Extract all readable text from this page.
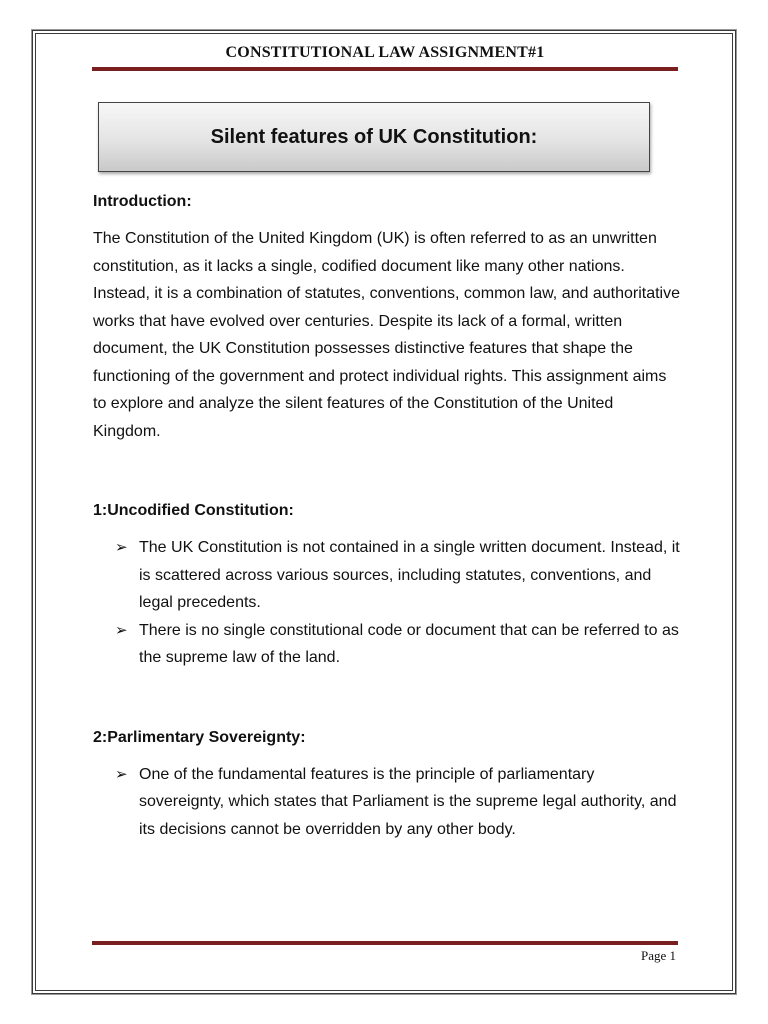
CONSTITUTIONAL LAW ASSIGNMENT#1
Silent features of UK Constitution:

Introduction:

The Constitution of the United Kingdom (UK) is often referred to as an unwritten constitution, as it lacks a single, codified document like many other nations. Instead, it is a combination of statutes, conventions, common law, and authoritative works that have evolved over centuries. Despite its lack of a formal, written document, the UK Constitution possesses distinctive features that shape the functioning of the government and protect individual rights. This assignment aims to explore and analyze the silent features of the Constitution of the United Kingdom.

1:Uncodified Constitution:

➢ The UK Constitution is not contained in a single written document. Instead, it is scattered across various sources, including statutes, conventions, and legal precedents.
➢ There is no single constitutional code or document that can be referred to as the supreme law of the land.

2:Parlimentary Sovereignty:

➢ One of the fundamental features is the principle of parliamentary sovereignty, which states that Parliament is the supreme legal authority, and its decisions cannot be overridden by any other body.
Page 1
